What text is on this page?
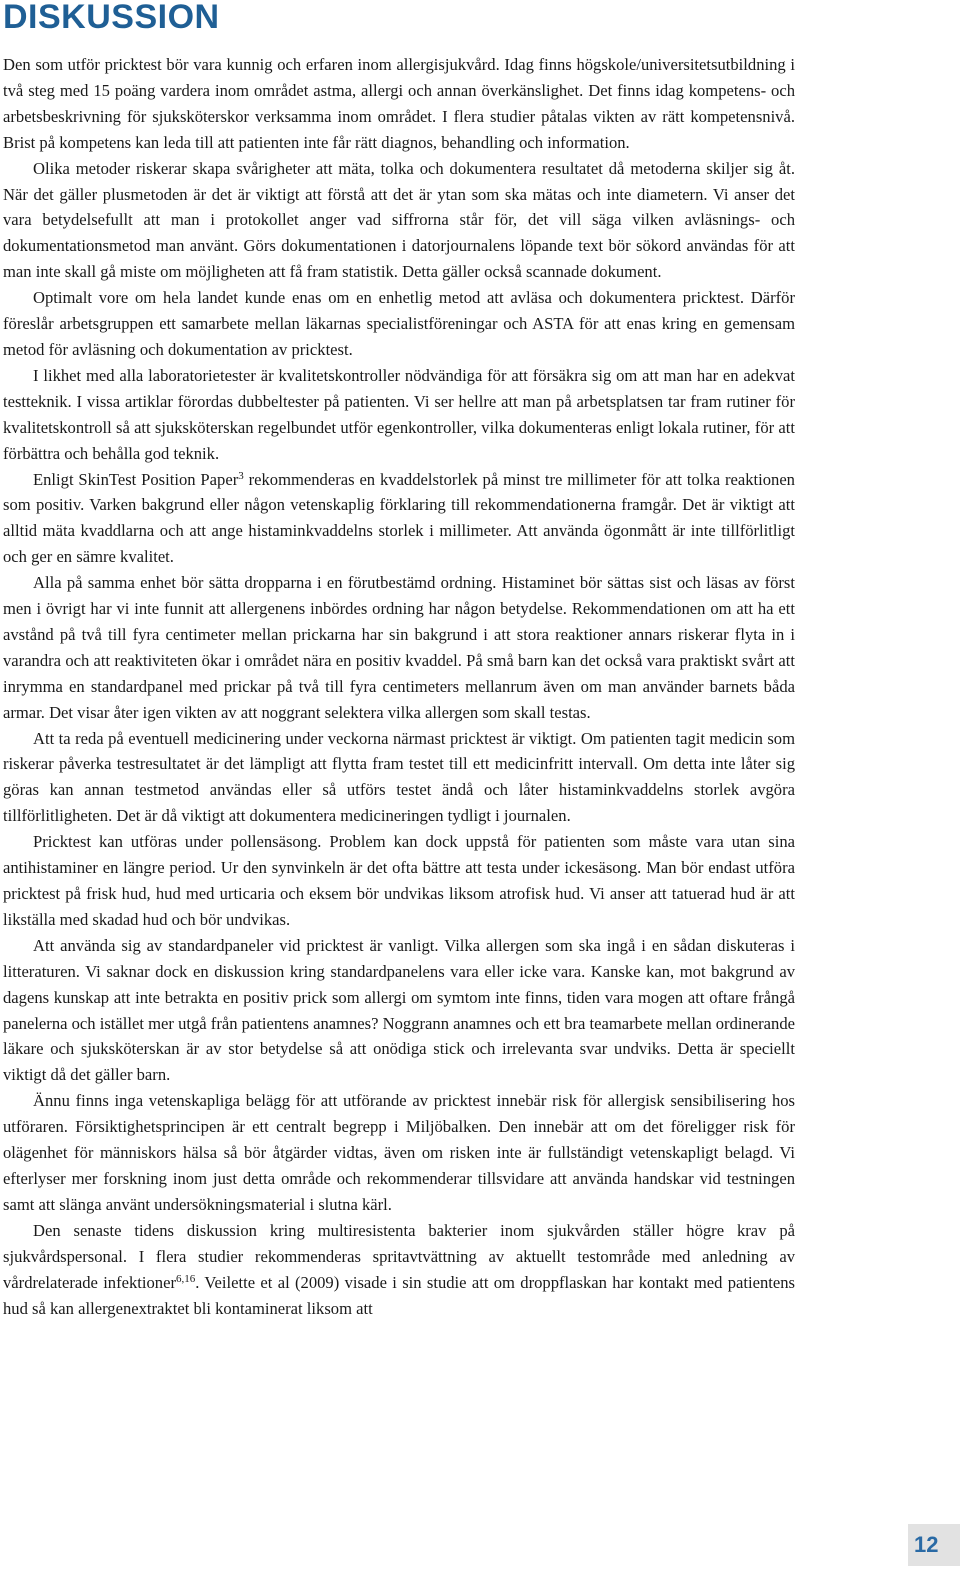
DISKUSSION

Den som utför pricktest bör vara kunnig och erfaren inom allergisjukvård. Idag finns högskole/universitetsutbildning i två steg med 15 poäng vardera inom området astma, allergi och annan överkänslighet. Det finns idag kompetens- och arbetsbeskrivning för sjuksköterskor verksamma inom området. I flera studier påtalas vikten av rätt kompetensnivå. Brist på kompetens kan leda till att patienten inte får rätt diagnos, behandling och information.

Olika metoder riskerar skapa svårigheter att mäta, tolka och dokumentera resultatet då metoderna skiljer sig åt. När det gäller plusmetoden är det är viktigt att förstå att det är ytan som ska mätas och inte diametern. Vi anser det vara betydelsefullt att man i protokollet anger vad siffrorna står för, det vill säga vilken avläsnings- och dokumentationsmetod man använt. Görs dokumentationen i datorjournalens löpande text bör sökord användas för att man inte skall gå miste om möjligheten att få fram statistik. Detta gäller också scannade dokument.

Optimalt vore om hela landet kunde enas om en enhetlig metod att avläsa och dokumentera pricktest. Därför föreslår arbetsgruppen ett samarbete mellan läkarnas specialistföreningar och ASTA för att enas kring en gemensam metod för avläsning och dokumentation av pricktest.

I likhet med alla laboratorietester är kvalitetskontroller nödvändiga för att försäkra sig om att man har en adekvat testteknik. I vissa artiklar förordas dubbeltester på patienten. Vi ser hellre att man på arbetsplatsen tar fram rutiner för kvalitetskontroll så att sjuksköterskan regelbundet utför egenkontroller, vilka dokumenteras enligt lokala rutiner, för att förbättra och behålla god teknik.

Enligt SkinTest Position Paper$^3$ rekommenderas en kvaddelstorlek på minst tre millimeter för att tolka reaktionen som positiv. Varken bakgrund eller någon vetenskaplig förklaring till rekommendationerna framgår. Det är viktigt att alltid mäta kvaddlarna och att ange histaminkvaddelns storlek i millimeter. Att använda ögonmått är inte tillförlitligt och ger en sämre kvalitet.

Alla på samma enhet bör sätta dropparna i en förutbestämd ordning. Histaminet bör sättas sist och läsas av först men i övrigt har vi inte funnit att allergenens inbördes ordning har någon betydelse. Rekommendationen om att ha ett avstånd på två till fyra centimeter mellan prickarna har sin bakgrund i att stora reaktioner annars riskerar flyta in i varandra och att reaktiviteten ökar i området nära en positiv kvaddel. På små barn kan det också vara praktiskt svårt att inrymma en standardpanel med prickar på två till fyra centimeters mellanrum även om man använder barnets båda armar. Det visar åter igen vikten av att noggrant selektera vilka allergen som skall testas.

Att ta reda på eventuell medicinering under veckorna närmast pricktest är viktigt. Om patienten tagit medicin som riskerar påverka testresultatet är det lämpligt att flytta fram testet till ett medicinfritt intervall. Om detta inte låter sig göras kan annan testmetod användas eller så utförs testet ändå och låter histaminkvaddelns storlek avgöra tillförlitligheten. Det är då viktigt att dokumentera medicineringen tydligt i journalen.

Pricktest kan utföras under pollensäsong. Problem kan dock uppstå för patienten som måste vara utan sina antihistaminer en längre period. Ur den synvinkeln är det ofta bättre att testa under ickesäsong. Man bör endast utföra pricktest på frisk hud, hud med urticaria och eksem bör undvikas liksom atrofisk hud. Vi anser att tatuerad hud är att likställa med skadad hud och bör undvikas.

Att använda sig av standardpaneler vid pricktest är vanligt. Vilka allergen som ska ingå i en sådan diskuteras i litteraturen. Vi saknar dock en diskussion kring standardpanelens vara eller icke vara. Kanske kan, mot bakgrund av dagens kunskap att inte betrakta en positiv prick som allergi om symtom inte finns, tiden vara mogen att oftare frångå panelerna och istället mer utgå från patientens anamnes? Noggrann anamnes och ett bra teamarbete mellan ordinerande läkare och sjuksköterskan är av stor betydelse så att onödiga stick och irrelevanta svar undviks. Detta är speciellt viktigt då det gäller barn.

Ännu finns inga vetenskapliga belägg för att utförande av pricktest innebär risk för allergisk sensibilisering hos utföraren. Försiktighetsprincipen är ett centralt begrepp i Miljöbalken. Den innebär att om det föreligger risk för olägenhet för människors hälsa så bör åtgärder vidtas, även om risken inte är fullständigt vetenskapligt belagd. Vi efterlyser mer forskning inom just detta område och rekommenderar tillsvidare att använda handskar vid testningen samt att slänga använt undersökningsmaterial i slutna kärl.

Den senaste tidens diskussion kring multiresistenta bakterier inom sjukvården ställer högre krav på sjukvårdspersonal. I flera studier rekommenderas spritavtvättning av aktuellt testområde med anledning av vårdrelaterade infektioner$^{6,16}$. Veilette et al (2009) visade i sin studie att om droppflaskan har kontakt med patientens hud så kan allergenextraktet bli kontaminerat liksom att

12
